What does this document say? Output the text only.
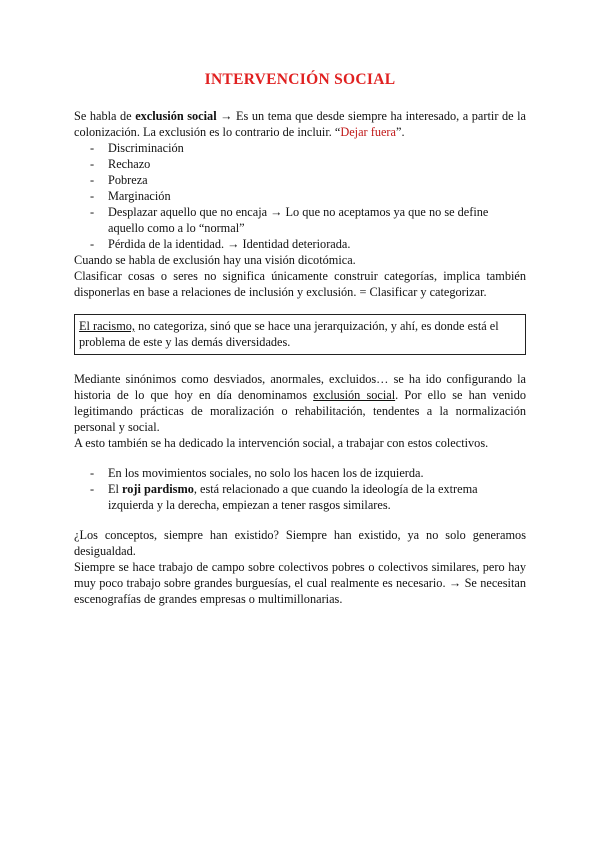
INTERVENCIÓN SOCIAL

Se habla de exclusión social → Es un tema que desde siempre ha interesado, a partir de la colonización. La exclusión es lo contrario de incluir. “Dejar fuera”.

- Discriminación
- Rechazo
- Pobreza
- Marginación
- Desplazar aquello que no encaja → Lo que no aceptamos ya que no se define aquello como a lo “normal”
- Pérdida de la identidad. → Identidad deteriorada.

Cuando se habla de exclusión hay una visión dicotómica.

Clasificar cosas o seres no significa únicamente construir categorías, implica también disponerlas en base a relaciones de inclusión y exclusión. = Clasificar y categorizar.

El racismo, no categoriza, sinó que se hace una jerarquización, y ahí, es donde está el problema de este y las demás diversidades.

Mediante sinónimos como desviados, anormales, excluidos… se ha ido configurando la historia de lo que hoy en día denominamos exclusión social. Por ello se han venido legitimando prácticas de moralización o rehabilitación, tendentes a la normalización personal y social.

A esto también se ha dedicado la intervención social, a trabajar con estos colectivos.

- En los movimientos sociales, no solo los hacen los de izquierda.
- El roji pardismo, está relacionado a que cuando la ideología de la extrema izquierda y la derecha, empiezan a tener rasgos similares.

¿Los conceptos, siempre han existido? Siempre han existido, ya no solo generamos desigualdad.

Siempre se hace trabajo de campo sobre colectivos pobres o colectivos similares, pero hay muy poco trabajo sobre grandes burguesías, el cual realmente es necesario. → Se necesitan escenografías de grandes empresas o multimillonarias.
